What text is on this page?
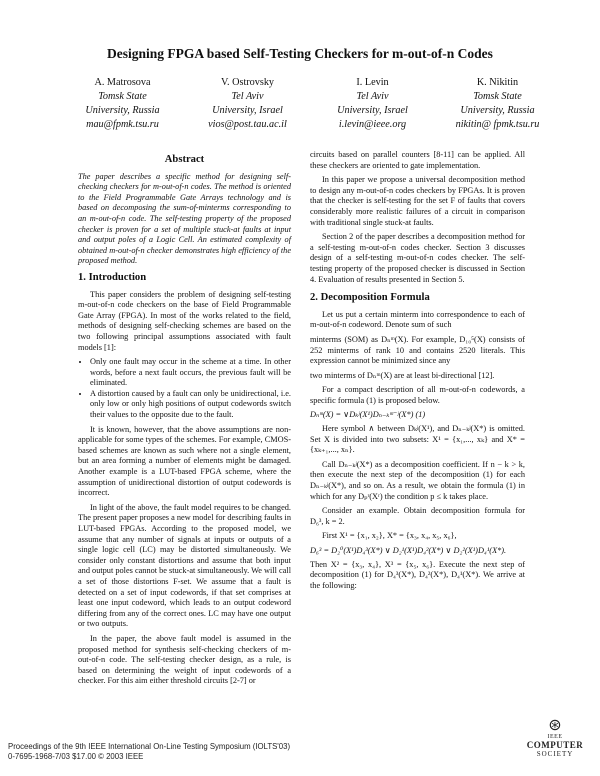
Designing FPGA based Self-Testing Checkers for m-out-of-n Codes
A. Matrosova
Tomsk State
University, Russia
mau@fpmk.tsu.ru
V. Ostrovsky
Tel Aviv
University, Israel
vios@post.tau.ac.il
I. Levin
Tel Aviv
University, Israel
i.levin@ieee.org
K. Nikitin
Tomsk State
University, Russia
nikitin@ fpmk.tsu.ru
Abstract

The paper describes a specific method for designing self-checking checkers for m-out-of-n codes. The method is oriented to the Field Programmable Gate Arrays technology and is based on decomposing the sum-of-minterms corresponding to an m-out-of-n code. The self-testing property of the proposed checker is proven for a set of multiple stuck-at faults at input and output poles of a Logic Cell. An estimated complexity of obtained m-out-of-n checker demonstrates high efficiency of the proposed method.

1. Introduction

This paper considers the problem of designing self-testing m-out-of-n code checkers on the base of Field Programmable Gate Array (FPGA). In most of the works related to the field, methods of designing self-checking schemes are based on the two following principal assumptions associated with fault models [1]:

• Only one fault may occur in the scheme at a time. In other words, before a next fault occurs, the previous fault will be eliminated.
• A distortion caused by a fault can only be unidirectional, i.e. only low or only high positions of output codewords switch their values to the opposite due to the fault.

It is known, however, that the above assumptions are non-applicable for some types of the schemes. For example, CMOS-based schemes are known as such where not a single element, but an area forming a number of elements might be damaged. Another example is a LUT-based FPGA scheme, where the assumption of unidirectional distortion of output codewords is incorrect.

In light of the above, the fault model requires to be changed. The present paper proposes a new model for describing faults in LUT-based FPGAs. According to the proposed model, we assume that any number of signals at inputs or outputs of a single logic cell (LC) may be distorted simultaneously. We consider only constant distortions and assume that both input and output poles cannot be stuck-at simultaneously. We will call a set of those distortions F-set. We assume that a fault is detected on a set of input codewords, if that set comprises at least one input codeword, which leads to an output codeword differing from any of the correct ones. LC may have one output or two outputs.

In the paper, the above fault model is assumed in the proposed method for synthesis self-checking checkers of m-out-of-n code. The self-testing checker design, as a rule, is based on determining the weight of input codewords of a checker. For this aim either threshold circuits [2-7] or

circuits based on parallel counters [8-11] can be applied. All these checkers are oriented to gate implementation.

In this paper we propose a universal decomposition method to design any m-out-of-n codes checkers by FPGAs. It is proven that the checker is self-testing for the set F of faults that covers considerably more realistic failures of a circuit in comparison with traditional single stuck-at faults.

Section 2 of the paper describes a decomposition method for a self-testing m-out-of-n codes checker. Section 3 discusses design of a self-testing m-out-of-n codes checker. The self-testing property of the proposed checker is discussed in Section 4. Evaluation of results presented in Section 5.

2. Decomposition Formula

Let us put a certain minterm into correspondence to each of m-out-of-n codeword. Denote sum of such

minterms (SOM) as Dₙᵐ(X). For example, D₁₀⁵(X) consists of 252 minterms of rank 10 and contains 2520 literals. This expression cannot be minimized since any

two minterms of Dₙᵐ(X) are at least bi-directional [12].

For a compact description of all m-out-of-n codewords, a specific formula (1) is proposed below.

Dₙᵐ(X) = ∨Dₖʲ(X¹)Dₙ₋ₖᵐ⁻ʲ(X*) (1)

Here symbol ∧ between Dₖʲ(X¹), and Dₙ₋ₖʲ(X*) is omitted. Set X is divided into two subsets: X¹ = {x₁,..., xₖ} and X* = {xₖ₊₁,..., xₙ}.

Call Dₙ₋ₖʲ(X*) as a decomposition coefficient. If n − k > k, then execute the next step of the decomposition (1) for each Dₙ₋ₖʲ(X*), and so on. As a result, we obtain the formula (1) in which for any Dₚʳ(Xʳ) the condition p ≤ k takes place.

Consider an example. Obtain decomposition formula for D₆³, k = 2.

First X¹ = {x₁, x₂}, X* = {x₃, x₄, x₅, x₆},

D₆³ = D₂⁰(X¹)D₄³(X*) ∨ D₂¹(X¹)D₄²(X*) ∨ D₂²(X¹)D₄¹(X*).

Then X² = {x₃, x₄}, X³ = {x₅, x₆}. Execute the next step of decomposition (1) for D₄³(X*), D₄²(X*), D₄¹(X*). We arrive at the following:

Proceedings of the 9th IEEE International On-Line Testing Symposium (IOLTS'03)
0-7695-1968-7/03 $17.00 © 2003 IEEE
⊛
IEEE
COMPUTER
SOCIETY
